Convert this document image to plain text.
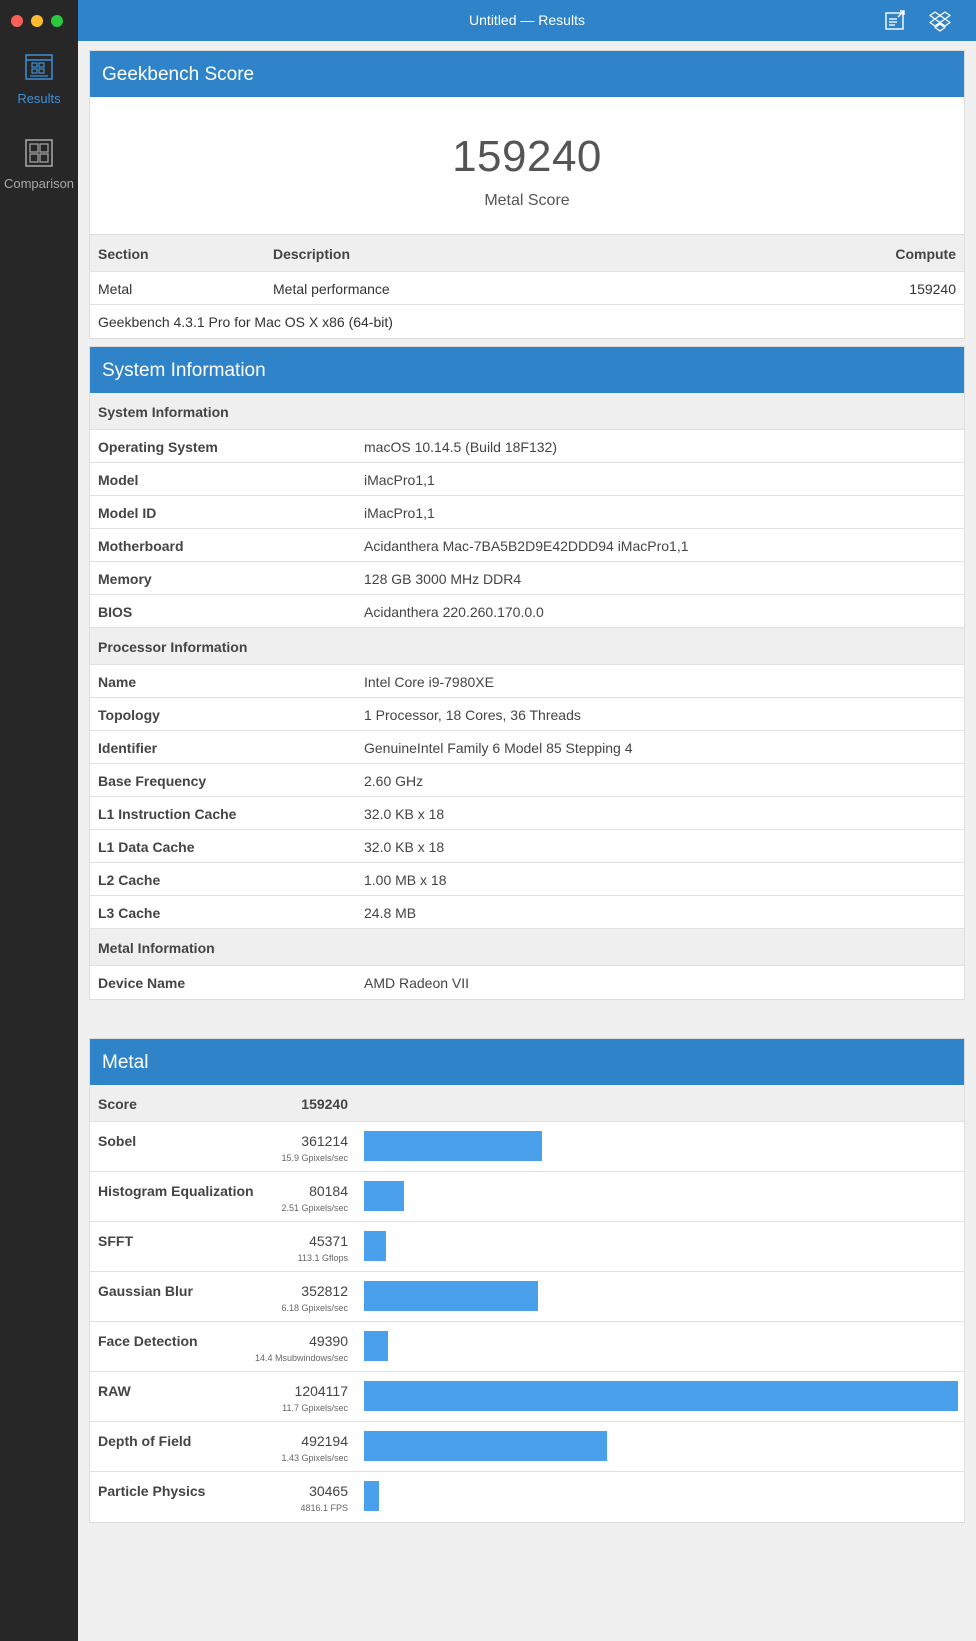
Results
Comparison
Untitled — Results
Geekbench Score
159240
Metal Score
Section	Description	Compute
Metal	Metal performance	159240
Geekbench 4.3.1 Pro for Mac OS X x86 (64-bit)
System Information
System Information
Operating System	macOS 10.14.5 (Build 18F132)
Model	iMacPro1,1
Model ID	iMacPro1,1
Motherboard	Acidanthera Mac-7BA5B2D9E42DDD94 iMacPro1,1
Memory	128 GB 3000 MHz DDR4
BIOS	Acidanthera 220.260.170.0.0
Processor Information
Name	Intel Core i9-7980XE
Topology	1 Processor, 18 Cores, 36 Threads
Identifier	GenuineIntel Family 6 Model 85 Stepping 4
Base Frequency	2.60 GHz
L1 Instruction Cache	32.0 KB x 18
L1 Data Cache	32.0 KB x 18
L2 Cache	1.00 MB x 18
L3 Cache	24.8 MB
Metal Information
Device Name	AMD Radeon VII
Metal
Score	159240
Sobel	361214
15.9 Gpixels/sec
Histogram Equalization	80184
2.51 Gpixels/sec
SFFT	45371
113.1 Gflops
Gaussian Blur	352812
6.18 Gpixels/sec
Face Detection	49390
14.4 Msubwindows/sec
RAW	1204117
11.7 Gpixels/sec
Depth of Field	492194
1.43 Gpixels/sec
Particle Physics	30465
4816.1 FPS
